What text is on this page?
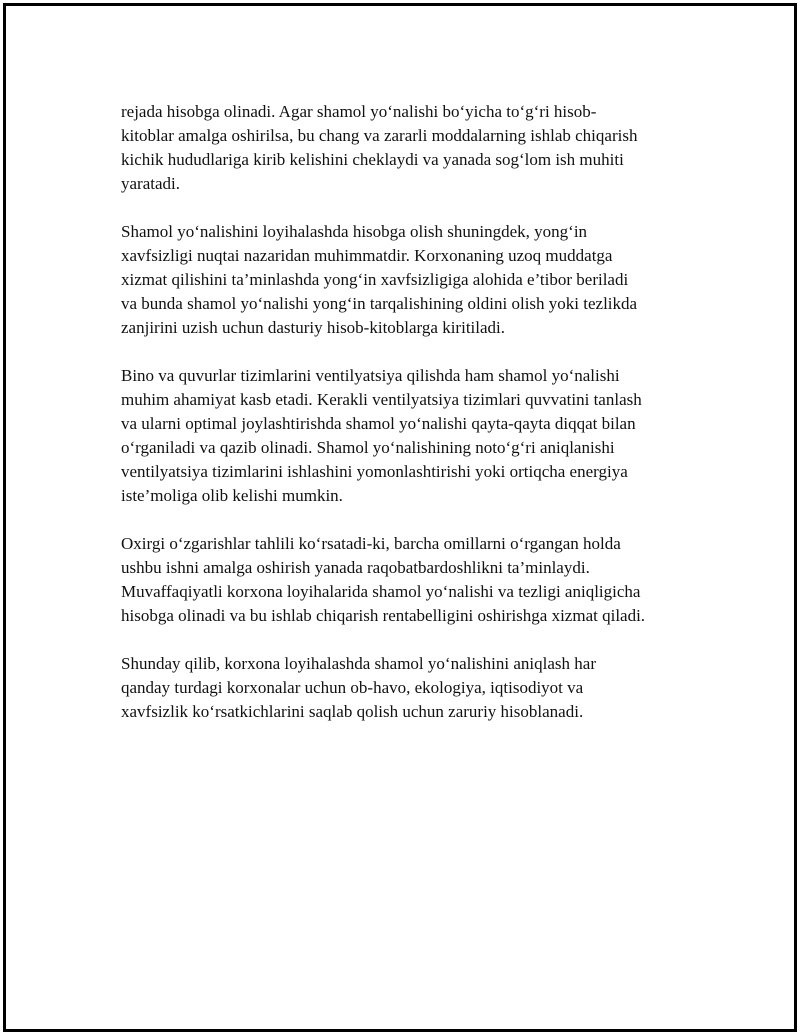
rejada hisobga olinadi. Agar shamol yo‘nalishi bo‘yicha to‘g‘ri hisob-
kitoblar amalga oshirilsa, bu chang va zararli moddalarning ishlab chiqarish
kichik hududlariga kirib kelishini cheklaydi va yanada sog‘lom ish muhiti
yaratadi.

Shamol yo‘nalishini loyihalashda hisobga olish shuningdek, yong‘in
xavfsizligi nuqtai nazaridan muhimmatdir. Korxonaning uzoq muddatga
xizmat qilishini ta’minlashda yong‘in xavfsizligiga alohida e’tibor beriladi
va bunda shamol yo‘nalishi yong‘in tarqalishining oldini olish yoki tezlikda
zanjirini uzish uchun dasturiy hisob-kitoblarga kiritiladi.

Bino va quvurlar tizimlarini ventilyatsiya qilishda ham shamol yo‘nalishi
muhim ahamiyat kasb etadi. Kerakli ventilyatsiya tizimlari quvvatini tanlash
va ularni optimal joylashtirishda shamol yo‘nalishi qayta-qayta diqqat bilan
o‘rganiladi va qazib olinadi. Shamol yo‘nalishining noto‘g‘ri aniqlanishi
ventilyatsiya tizimlarini ishlashini yomonlashtirishi yoki ortiqcha energiya
iste’moliga olib kelishi mumkin.

Oxirgi o‘zgarishlar tahlili ko‘rsatadi-ki, barcha omillarni o‘rgangan holda
ushbu ishni amalga oshirish yanada raqobatbardoshlikni ta’minlaydi.
Muvaffaqiyatli korxona loyihalarida shamol yo‘nalishi va tezligi aniqligicha
hisobga olinadi va bu ishlab chiqarish rentabelligini oshirishga xizmat qiladi.

Shunday qilib, korxona loyihalashda shamol yo‘nalishini aniqlash har
qanday turdagi korxonalar uchun ob-havo, ekologiya, iqtisodiyot va
xavfsizlik ko‘rsatkichlarini saqlab qolish uchun zaruriy hisoblanadi.
